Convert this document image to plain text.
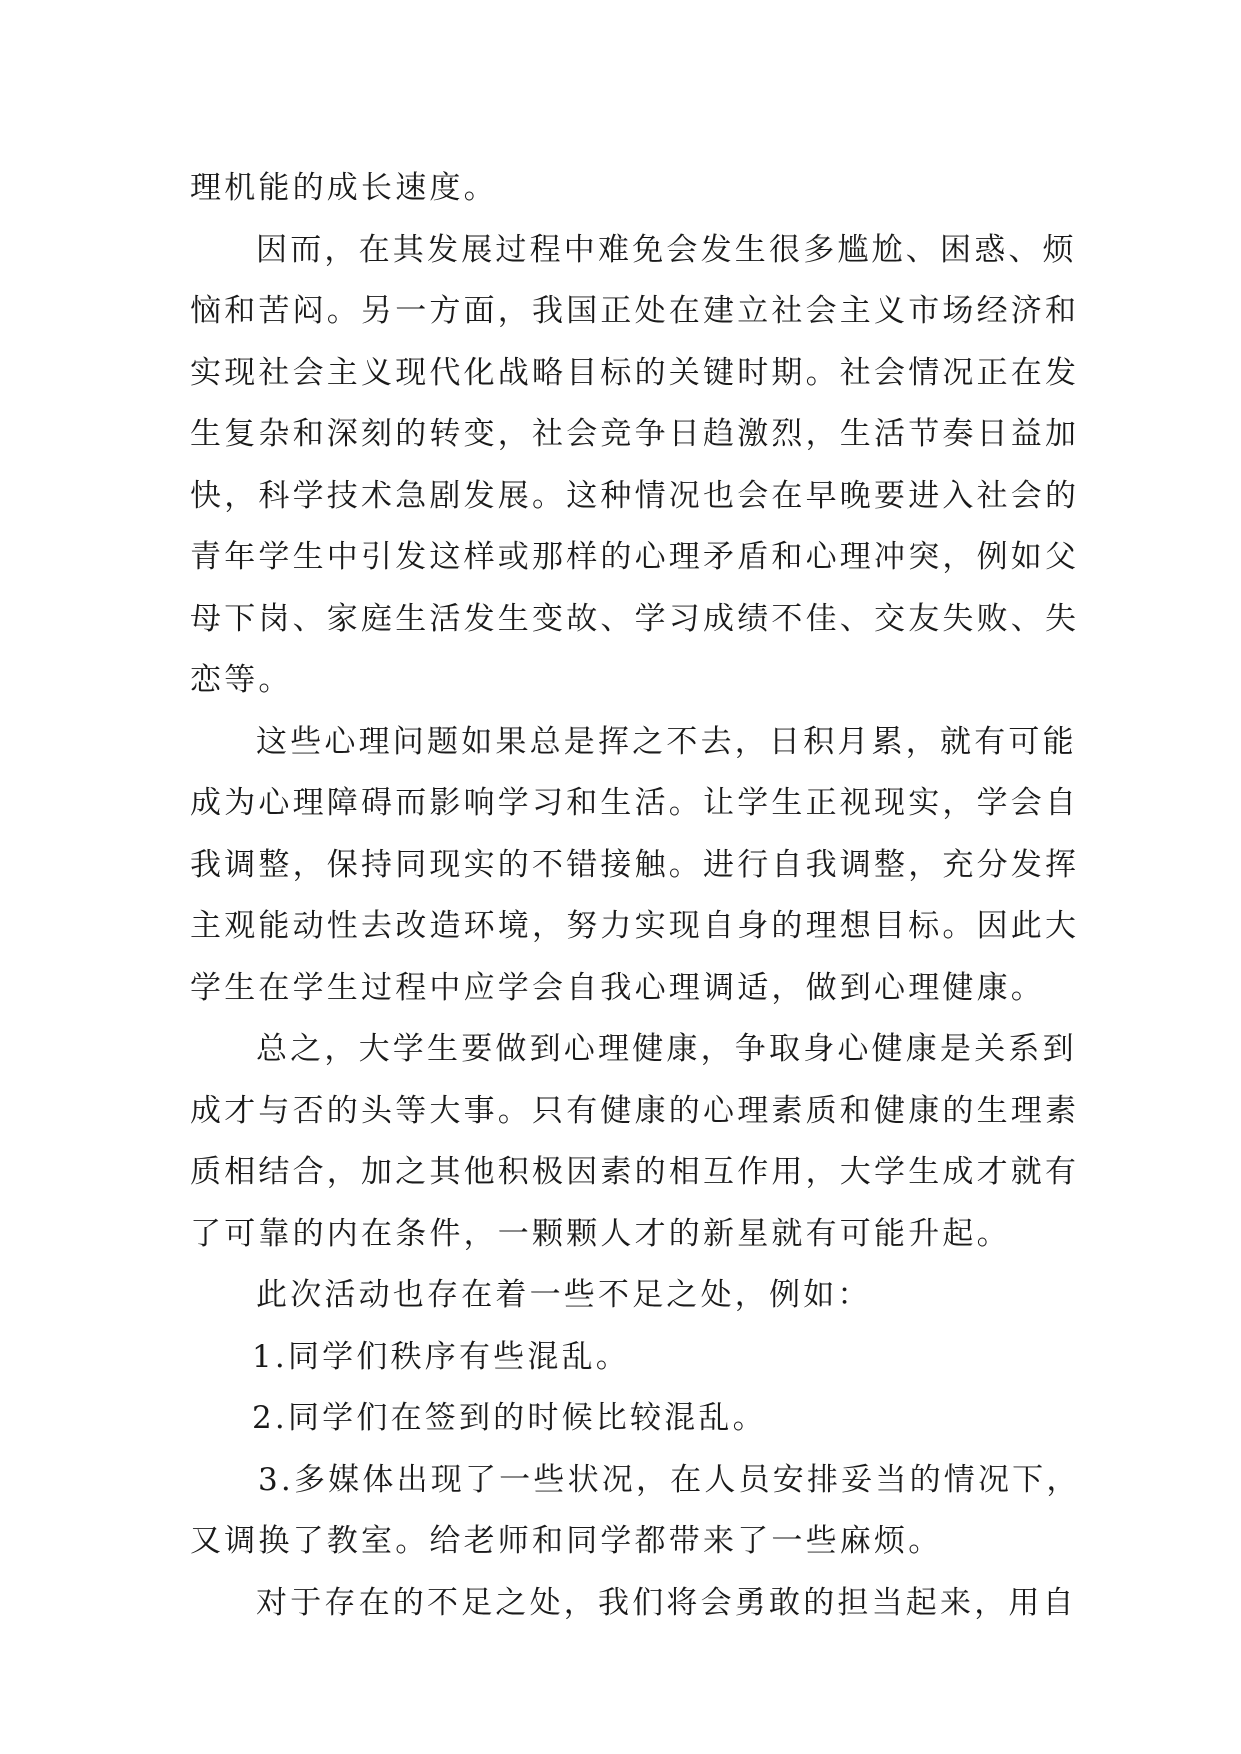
理机能的成长速度。
因而，在其发展过程中难免会发生很多尴尬、困惑、烦
恼和苦闷。另一方面，我国正处在建立社会主义市场经济和
实现社会主义现代化战略目标的关键时期。社会情况正在发
生复杂和深刻的转变，社会竞争日趋激烈，生活节奏日益加
快，科学技术急剧发展。这种情况也会在早晚要进入社会的
青年学生中引发这样或那样的心理矛盾和心理冲突，例如父
母下岗、家庭生活发生变故、学习成绩不佳、交友失败、失
恋等。
这些心理问题如果总是挥之不去，日积月累，就有可能
成为心理障碍而影响学习和生活。让学生正视现实，学会自
我调整，保持同现实的不错接触。进行自我调整，充分发挥
主观能动性去改造环境，努力实现自身的理想目标。因此大
学生在学生过程中应学会自我心理调适，做到心理健康。
总之，大学生要做到心理健康，争取身心健康是关系到
成才与否的头等大事。只有健康的心理素质和健康的生理素
质相结合，加之其他积极因素的相互作用，大学生成才就有
了可靠的内在条件，一颗颗人才的新星就有可能升起。
此次活动也存在着一些不足之处，例如：
1.同学们秩序有些混乱。
2.同学们在签到的时候比较混乱。
3.多媒体出现了一些状况，在人员安排妥当的情况下，
又调换了教室。给老师和同学都带来了一些麻烦。
对于存在的不足之处，我们将会勇敢的担当起来，用自
